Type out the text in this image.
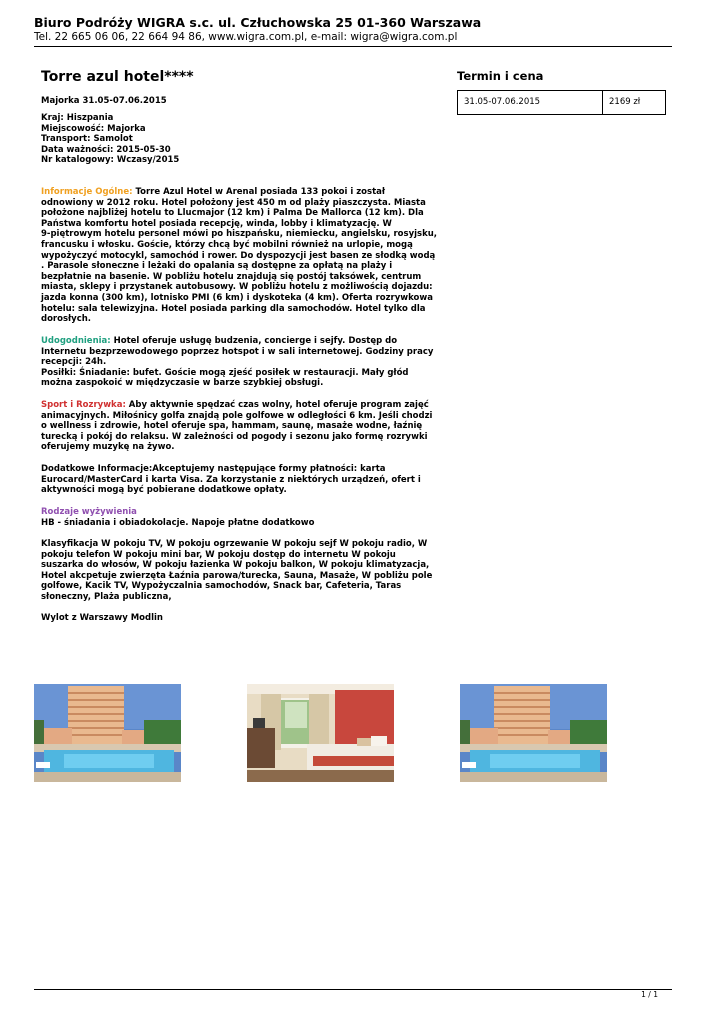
Biuro Podróży WIGRA s.c. ul. Człuchowska 25 01-360 Warszawa
Tel. 22 665 06 06, 22 664 94 86, www.wigra.com.pl, e-mail: wigra@wigra.com.pl
Torre azul hotel****	Termin i cena
31.05-07.06.2015	2169 zł
Majorka 31.05-07.06.2015
Kraj: Hiszpania
Miejscowość: Majorka
Transport: Samolot
Data ważności: 2015-05-30
Nr katalogowy: Wczasy/2015
Informacje Ogólne: Torre Azul Hotel w Arenal posiada 133 pokoi i został
odnowiony w 2012 roku. Hotel położony jest 450 m od plaży piaszczysta. Miasta
położone najbliżej hotelu to Llucmajor (12 km) i Palma De Mallorca (12 km). Dla
Państwa komfortu hotel posiada recepcję, winda, lobby i klimatyzację. W
9-piętrowym hotelu personel mówi po hiszpańsku, niemiecku, angielsku, rosyjsku,
francusku i włosku. Goście, którzy chcą być mobilni również na urlopie, mogą
wypożyczyć motocykl, samochód i rower. Do dyspozycji jest basen ze słodką wodą
. Parasole słoneczne i leżaki do opalania są dostępne za opłatą na plaży i
bezpłatnie na basenie. W pobliżu hotelu znajdują się postój taksówek, centrum
miasta, sklepy i przystanek autobusowy. W pobliżu hotelu z możliwością dojazdu:
jazda konna (300 km), lotnisko PMI (6 km) i dyskoteka (4 km). Oferta rozrywkowa
hotelu: sala telewizyjna. Hotel posiada parking dla samochodów. Hotel tylko dla
dorosłych.
Udogodnienia: Hotel oferuje usługę budzenia, concierge i sejfy. Dostęp do
Internetu bezprzewodowego poprzez hotspot i w sali internetowej. Godziny pracy
recepcji: 24h.
Posiłki: Śniadanie: bufet. Goście mogą zjeść posiłek w restauracji. Mały głód
można zaspokoić w międzyczasie w barze szybkiej obsługi.
Sport i Rozrywka: Aby aktywnie spędzać czas wolny, hotel oferuje program zajęć
animacyjnych. Miłośnicy golfa znajdą pole golfowe w odległości 6 km. Jeśli chodzi
o wellness i zdrowie, hotel oferuje spa, hammam, saunę, masaże wodne, łaźnię
turecką i pokój do relaksu. W zależności od pogody i sezonu jako formę rozrywki
oferujemy muzykę na żywo.
Dodatkowe Informacje:Akceptujemy następujące formy płatności: karta
Eurocard/MasterCard i karta Visa. Za korzystanie z niektórych urządzeń, ofert i
aktywności mogą być pobierane dodatkowe opłaty.
Rodzaje wyżywienia
HB - śniadania i obiadokolacje. Napoje płatne dodatkowo
Klasyfikacja W pokoju TV, W pokoju ogrzewanie W pokoju sejf W pokoju radio, W
pokoju telefon W pokoju mini bar, W pokoju dostęp do internetu W pokoju
suszarka do włosów, W pokoju łazienka W pokoju balkon, W pokoju klimatyzacja,
Hotel akcpetuje zwierzęta Łaźnia parowa/turecka, Sauna, Masaże, W pobliżu pole
golfowe, Kacik TV, Wypożyczalnia samochodów, Snack bar, Cafeteria, Taras
słoneczny, Plaża publiczna,
Wylot z Warszawy Modlin
1 / 1
